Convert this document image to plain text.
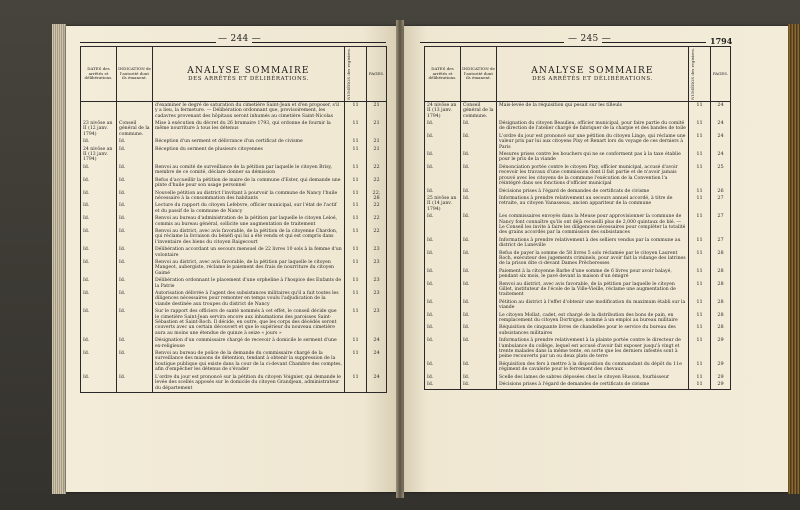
— 244 —	— 245 —	1794
DATES des arrêtés et délibérations.	INDICATION de l'autorité dont ils émanent.	ANALYSE SOMMAIRE
DES ARRÊTÉS ET DÉLIBÉRATIONS.	NUMÉROS des registres.	PAGES.
		d'examiner le degré de saturation du cimetière Saint-Jean et d'en proposer, s'il y a lieu, la fermeture. — Délibération ordonnant que, provisoirement, les cadavres provenant des hôpitaux seront inhumés au cimetière Saint-Nicolas	11	21
23 nivôse an II (12 janv. 1794)	Conseil général de la commune.	Mise à exécution du décret du 26 brumaire 1793, qui ordonne de fournir la même nourriture à tous les détenus	11	21
Id.	Id.	Réception d'un serment et délivrance d'un certificat de civisme	11	21
24 nivôse an II (13 janv. 1794)	Id.	Réception du serment de plusieurs citoyennes	11	21
Id.	Id.	Renvoi au comité de surveillance de la pétition par laquelle le citoyen Brisy, membre de ce comité, déclare donner sa démission	11	22
Id.	Id.	Refus d'accueillir la pétition de maire de la commune d'Ester, qui demande une pinte d'huile pour son usage personnel	11	22
Id.	Id.	Nouvelle pétition au district l'invitant à pourvoir la commune de Nancy l'huile nécessaire à la consommation des habitants	11	22, 28
Id.	Id.	Lecture du rapport du citoyen Lefebvre, officier municipal, sur l'état de l'actif et du passif de la commune de Nancy	11	22
Id.	Id.	Renvoi au bureau d'administration de la pétition par laquelle le citoyen Leloé, commis au bureau général, sollicite une augmentation de traitement	11	22
Id.	Id.	Renvoi au district, avec avis favorable, de la pétition de la citoyenne Chardon, qui réclame la livraison du bénéfi qui lui a été vendu et qui est compris dans l'inventaire des biens du citoyen Raigecourt	11	22
Id.	Id.	Délibération accordant un secours mensuel de 22 livres 10 sols à la femme d'un volontaire	11	23
Id.	Id.	Renvoi au district, avec avis favorable, de la pétition par laquelle le citoyen Mangeot, aubergiste, réclame le paiement des frais de nourriture du citoyen Gaimé	11	23
Id.	Id.	Délibération ordonnant le placement d'une orpheline à l'hospice des Enfants de la Patrie	11	23
Id.	Id.	Autorisation délivrée à l'agent des subsistances militaires qu'il a fait toutes les diligences nécessaires pour remonter en temps voulu l'adjudication de la viande destinée aux troupes du district de Nancy	11	23
Id.	Id.	Sur le rapport des officiers de santé nommés à cet effet, le conseil décide que le cimetière Saint-Jean servira encore aux inhumations des paroisses Saint-Sébastien et Saint-Roch. Il décide, en outre, que les corps des décédés seront couverts avec un certain découvert et que le supérieur du nouveau cimetière aura au moins une étendue de quinze à seize « jours »	11	23
Id.	Id.	Désignation d'un commissaire chargé de recevoir à domicile le serment d'une ex-religieuse	11	24
Id.	Id.	Renvoi au bureau de police de la demande du commissaire chargé de la surveillance des maisons de détention, tendant à obtenir la suppression de la boutique publique qui existe dans la cour de la ci-devant Chambre des comptes, afin d'empêcher les détenus de s'évader	11	24
Id.	Id.	L'ordre du jour est prononcé sur la pétition du citoyen Voignier, qui demande le levée des scellés apposés sur le domicile du citoyen Grandjean, administrateur du département	11	24
DATES des arrêtés et délibérations.	INDICATION de l'autorité dont ils émanent.	ANALYSE SOMMAIRE
DES ARRÊTÉS ET DÉLIBÉRATIONS.	NUMÉROS des registres.	PAGES.
24 nivôse an II (13 janv. 1794)	Conseil général de la commune.	Mais-levée de la réquisition qui pesait sur les tilleuls	11	24
Id.	Id.	Désignation du citoyen Beaulieu, officier municipal, pour faire partie du comité de direction de l'atelier chargé de fabriquer de la charpie et des bandes de toile	11	24
Id.	Id.	L'ordre du jour est prononcé sur une pétition du citoyen Linge, qui réclame une valeur prix par lui aux citoyens Pixy et Renart lors du voyage de ces derniers à Paris	11	24
Id.	Id.	Mesures prises contre les bouchers qui ne se conforment pas à la taxe établie pour le prix de la viande	11	24
Id.	Id.	Dénonciation portée contre le citoyen Pixy, officier municipal, accusé d'avoir recevoir les travaux d'une commission dont il fait partie et de n'avoir jamais prouvé avec les citoyens de la commune l'exécution de la Convention l'a réintégré dans ses fonctions d'officier municipal	11	25
Id.	Id.	Décisions prises à l'égard de demandes de certificats de civisme	11	26
25 nivôse an II (14 janv. 1794)	Id.	Informations à prendre relativement au secours annuel accordé, à titre de retraite, au citoyen Vanasseau, ancien appariteur de la commune	11	27
Id.	Id.	Les commissaires envoyés dans la Meuse pour approvisionner la commune de Nancy font connaître qu'ils ont déjà recueilli plus de 2,000 quintaux de blé. — Le Conseil les invite à faire les diligences nécessaires pour compléter la totalité des grains accordés par la commission des subsistances	11	27
Id.	Id.	Informations à prendre relativement à des selliers vendus par la commune au district de Lunéville	11	27
Id.	Id.	Refus de payer la somme de 58 livres 5 sols réclamée par le citoyen Laurent Roch, exécuteur des jugements criminels, pour avoir fait la vidange des latrines de la prison dite ci-devant Dames Prêcheresses	11	28
Id.	Id.	Paiement à la citoyenne Barbe d'une somme de 6 livres pour avoir balayé, pendant six mois, le pavé devant la maison d'un émigré	11	28
Id.	Id.	Renvoi au district, avec avis favorable, de la pétition par laquelle le citoyen Gillet, instituteur de l'école de la Ville-Vieille, réclame une augmentation de traitement	11	28
Id.	Id.	Pétition au district à l'effet d'obtenir une modification du maximum établi sur la viande	11	28
Id.	Id.	Le citoyen Mollat, cadet, est chargé de la distribution des bons de pain, en remplacement du citoyen Dortrigue, nommé à un emploi au bureau militaire	11	28
Id.	Id.	Réquisition de cinquante livres de chandelles pour le service du bureau des subsistances militaires	11	28
Id.	Id.	Informations à prendre relativement à la plainte portée contre le directeur de l'ambulance du collège, lequel est accusé d'avoir fait exposer jusqu'à vingt et trente malades dans la même tente, en sorte que les derniers infestés sont à peine recouverts par un ou deux plats de terre	11	29
Id.	Id.	Réquisition des fers à mettre à la disposition du commandant du dépôt du 11e régiment de cavalerie pour le ferrement des chevaux	11	29
Id.	Id.	Scelle des lames de sabres déposées chez le citoyen Husson, fourbisseur	11	29
Id.	Id.	Décisions prises à l'égard de demandes de certificats de civisme	11	29
